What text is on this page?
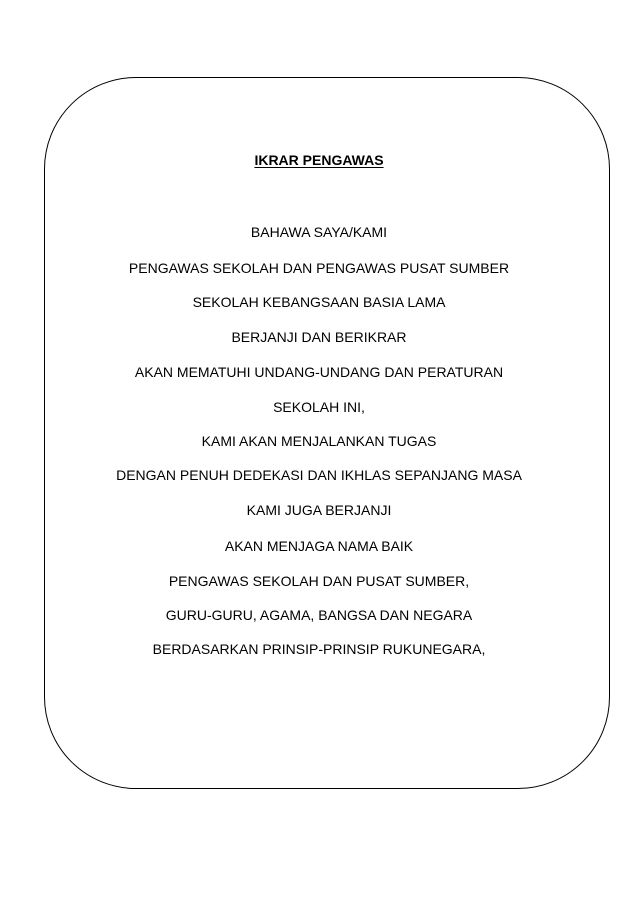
IKRAR PENGAWAS
BAHAWA SAYA/KAMI
PENGAWAS SEKOLAH DAN PENGAWAS PUSAT SUMBER
SEKOLAH KEBANGSAAN BASIA LAMA
BERJANJI DAN BERIKRAR
AKAN MEMATUHI UNDANG-UNDANG DAN PERATURAN
SEKOLAH INI,
KAMI AKAN MENJALANKAN TUGAS
DENGAN PENUH DEDEKASI DAN IKHLAS SEPANJANG MASA
KAMI JUGA BERJANJI
AKAN MENJAGA NAMA BAIK
PENGAWAS SEKOLAH DAN PUSAT SUMBER,
GURU-GURU, AGAMA, BANGSA DAN NEGARA
BERDASARKAN PRINSIP-PRINSIP RUKUNEGARA,
